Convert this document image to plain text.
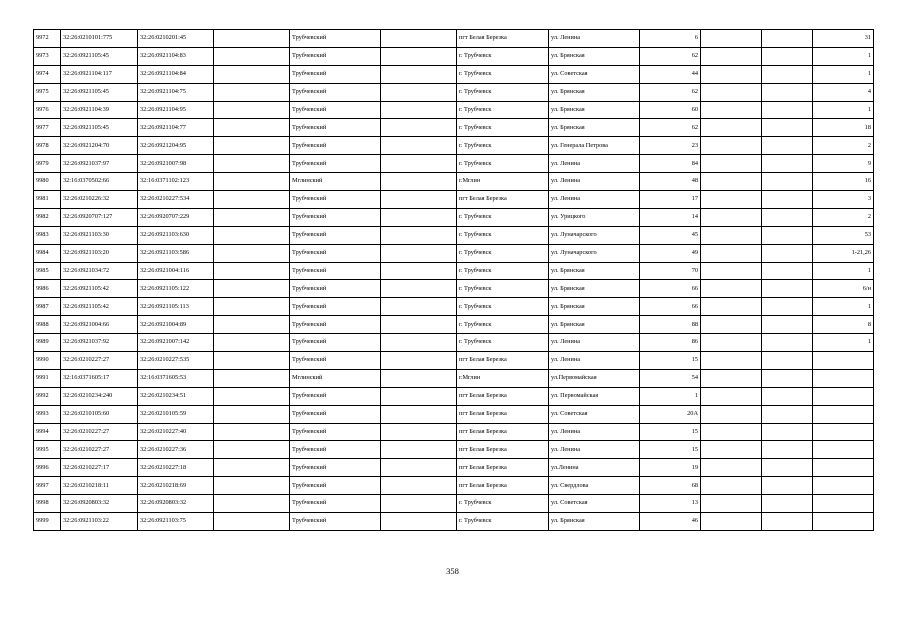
9972	32:26:0210101:775	32:26:0210201:45		Трубчевский		пгт Белая Березка	ул. Ленина	6			31
9973	32:26:0921105:45	32:26:0921104:83		Трубчевский		г. Трубчевск	ул. Брянская	62			1
9974	32:26:0921104:117	32:26:0921104:84		Трубчевский		г. Трубчевск	ул. Советская	44			1
9975	32:26:0921105:45	32:26:0921104:75		Трубчевский		г. Трубчевск	ул. Брянская	62			4
9976	32:26:0921104:39	32:26:0921104:95		Трубчевский		г. Трубчевск	ул. Брянская	60			1
9977	32:26:0921105:45	32:26:0921104:77		Трубчевский		г. Трубчевск	ул. Брянская	62			18
9978	32:26:0921204:70	32:26:0921204:95		Трубчевский		г. Трубчевск	ул. Генерала Петрова	23			2
9979	32:26:0921037:97	32:26:0921007:98		Трубчевский		г. Трубчевск	ул. Ленина	84			9
9980	32:16:0370502:66	32:16:0371102:123		Мглинский		г.Мглин	ул. Ленина	48			16
9981	32:26:0210226:32	32:26:0210227:534		Трубчевский		пгт Белая Березка	ул. Ленина	17			3
9982	32:26:0920707:127	32:26:0920707:229		Трубчевский		г. Трубчевск	ул. Урицкого	14			2
9983	32:26:0921103:30	32:26:0921103:630		Трубчевский		г. Трубчевск	ул. Луначарского	45			53
9984	32:26:0921103:20	32:26:0921103:586		Трубчевский		г. Трубчевск	ул. Луначарского	49			1-21,26
9985	32:26:0921034:72	32:26:0921004:116		Трубчевский		г. Трубчевск	ул. Брянская	70			1
9986	32:26:0921105:42	32:26:0921105:122		Трубчевский		г. Трубчевск	ул. Брянская	66			6/н
9987	32:26:0921105:42	32:26:0921105:113		Трубчевский		г. Трубчевск	ул. Брянская	66			1
9988	32:26:0921004:66	32:26:0921004:89		Трубчевский		г. Трубчевск	ул. Брянская	88			8
9989	32:26:0921037:92	32:26:0921007:142		Трубчевский		г. Трубчевск	ул. Ленина	86			1
9990	32:26:0210227:27	32:26:0210227:535		Трубчевский		пгт Белая Березка	ул. Ленина	15			
9991	32:16:0371605:17	32:16:0371605:53		Мглинский		г.Мглин	ул.Первомайская	54			
9992	32:26:0210234:240	32:26:0210234:51		Трубчевский		пгт Белая Березка	ул. Первомайская	1			
9993	32:26:0210105:60	32:26:0210105:59		Трубчевский		пгт Белая Березка	ул. Советская	20А			
9994	32:26:0210227:27	32:26:0210227:40		Трубчевский		пгт Белая Березка	ул. Ленина	15			
9995	32:26:0210227:27	32:26:0210227:36		Трубчевский		пгт Белая Березка	ул. Ленина	15			
9996	32:26:0210227:17	32:26:0210227:18		Трубчевский		пгт Белая Березка	ул.Ленина	19			
9997	32:26:0210218:11	32:26:0210218:69		Трубчевский		пгт Белая Березка	ул. Свердлова	68			
9998	32:26:0920803:32	32:26:0920803:32		Трубчевский		г. Трубчевск	ул. Советская	13			
9999	32:26:0921103:22	32:26:0921103:75		Трубчевский		г. Трубчевск	ул. Брянская	46			
358
